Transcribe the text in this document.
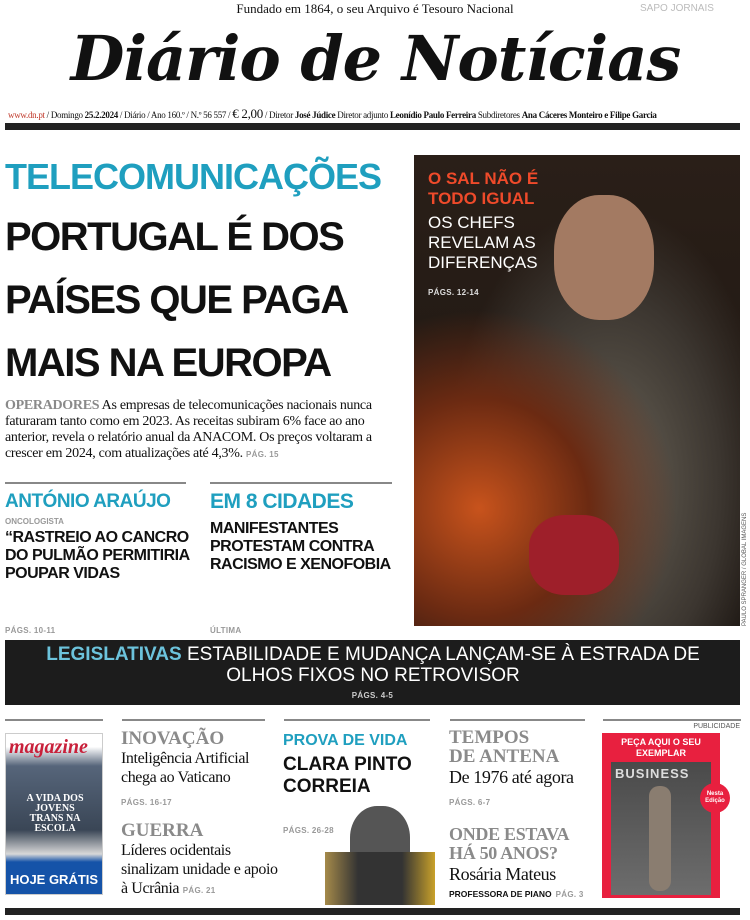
Fundado em 1864, o seu Arquivo é Tesouro Nacional	SAPO JORNAIS
Diário de Notícias
www.dn.pt / Domingo 25.2.2024 / Diário / Ano 160.º / N.º 56 557 / € 2,00 / Diretor José Júdice Diretor adjunto Leonídio Paulo Ferreira Subdiretores Ana Cáceres Monteiro e Filipe Garcia
TELECOMUNICAÇÕES
PORTUGAL É DOS
PAÍSES QUE PAGA
MAIS NA EUROPA
OPERADORES As empresas de telecomunicações nacionais nunca faturaram tanto como em 2023. As receitas subiram 6% face ao ano anterior, revela o relatório anual da ANACOM. Os preços voltaram a crescer em 2024, com atualizações até 4,3%. PÁG. 15
ANTÓNIO ARAÚJO
ONCOLOGISTA
“RASTREIO AO CANCRO
DO PULMÃO PERMITIRIA
POUPAR VIDAS
PÁGS. 10-11
EM 8 CIDADES
MANIFESTANTES
PROTESTAM CONTRA
RACISMO E XENOFOBIA
ÚLTIMA
O SAL NÃO É
TODO IGUAL
OS CHEFS
REVELAM AS
DIFERENÇAS
PÁGS. 12-14
PAULO SPRANGER / GLOBAL IMAGENS
LEGISLATIVAS ESTABILIDADE E MUDANÇA LANÇAM-SE À ESTRADA DE OLHOS FIXOS NO RETROVISOR
PÁGS. 4-5
magazine
A VIDA DOS JOVENS TRANS NA ESCOLA
HOJE GRÁTIS
INOVAÇÃO
Inteligência Artificial chega ao Vaticano
PÁGS. 16-17
GUERRA
Líderes ocidentais sinalizam unidade e apoio à Ucrânia PÁG. 21
PROVA DE VIDA
CLARA PINTO
CORREIA
PÁGS. 26-28
TEMPOS
DE ANTENA
De 1976 até agora
PÁGS. 6-7
ONDE ESTAVA
HÁ 50 ANOS?
Rosária Mateus
PROFESSORA DE PIANO PÁG. 3
PUBLICIDADE
PEÇA AQUI O SEU EXEMPLAR
BUSINESS
Nesta Edição
